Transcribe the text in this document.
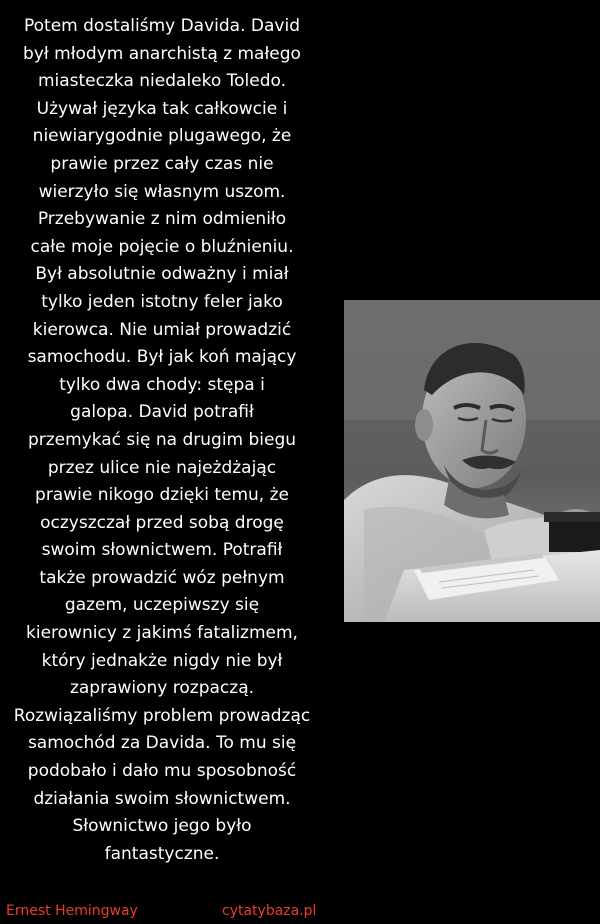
Potem dostaliśmy Davida. David
był młodym anarchistą z małego
miasteczka niedaleko Toledo.
Używał języka tak całkowcie i
niewiarygodnie plugawego, że
prawie przez cały czas nie
wierzyło się własnym uszom.
Przebywanie z nim odmieniło
całe moje pojęcie o bluźnieniu.
Był absolutnie odważny i miał
tylko jeden istotny feler jako
kierowca. Nie umiał prowadzić
samochodu. Był jak koń mający
tylko dwa chody: stępa i
galopa. David potrafił
przemykać się na drugim biegu
przez ulice nie najeżdżając
prawie nikogo dzięki temu, że
oczyszczał przed sobą drogę
swoim słownictwem. Potrafił
także prowadzić wóz pełnym
gazem, uczepiwszy się
kierownicy z jakimś fatalizmem,
który jednakże nigdy nie był
zaprawiony rozpaczą.
Rozwiązaliśmy problem prowadząc
samochód za Davida. To mu się
podobało i dało mu sposobność
działania swoim słownictwem.
Słownictwo jego było
fantastyczne.
Ernest Hemingway	cytatybaza.pl
